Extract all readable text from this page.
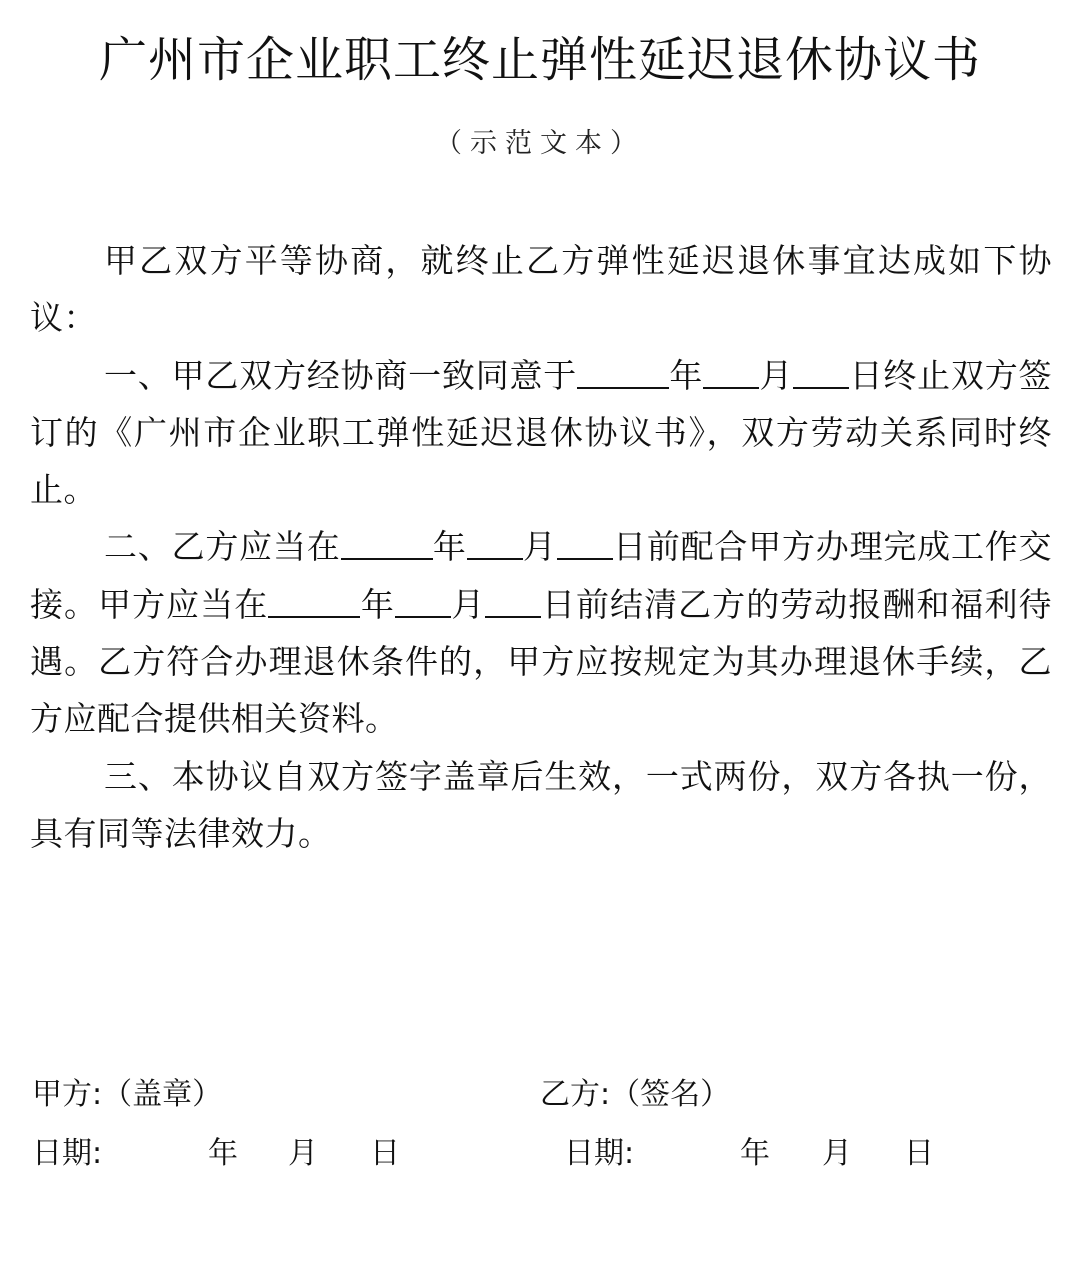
广州市企业职工终止弹性延迟退休协议书
（示范文本）

甲乙双方平等协商，就终止乙方弹性延迟退休事宜达成如下协议：

一、甲乙双方经协商一致同意于	年 月 日终止双方签订的《广州市企业职工弹性延迟退休协议书》，双方劳动关系同时终止。

二、乙方应当在	年 月 日前配合甲方办理完成工作交接。甲方应当在	年 月 日前结清乙方的劳动报酬和福利待遇。乙方符合办理退休条件的，甲方应按规定为其办理退休手续，乙方应配合提供相关资料。

三、本协议自双方签字盖章后生效，一式两份，双方各执一份，具有同等法律效力。

甲方:（盖章）	乙方:（签名）
日期:	年 月 日	日期:	年 月 日
